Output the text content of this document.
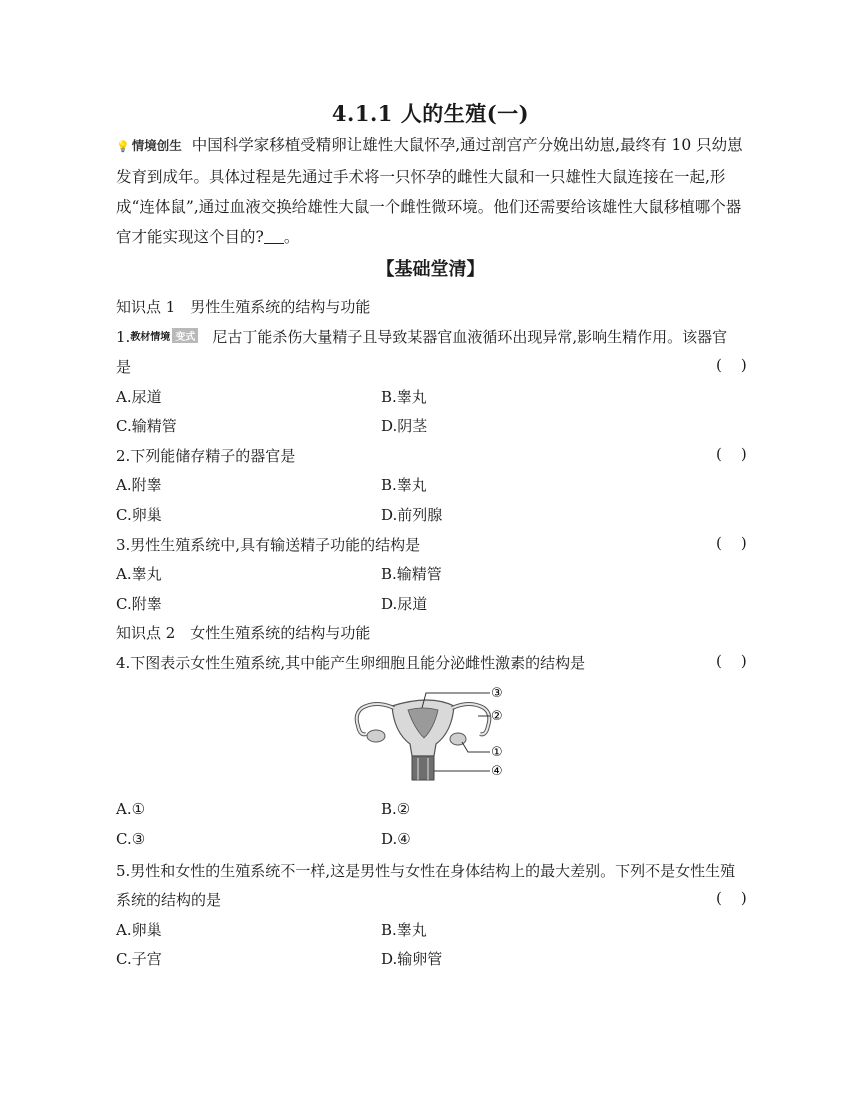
4.1.1 人的生殖(一)
💡 情境创生 中国科学家移植受精卵让雄性大鼠怀孕,通过剖宫产分娩出幼崽,最终有 10 只幼崽发育到成年。具体过程是先通过手术将一只怀孕的雌性大鼠和一只雄性大鼠连接在一起,形成“连体鼠”,通过血液交换给雄性大鼠一个雌性微环境。他们还需要给该雄性大鼠移植哪个器官才能实现这个目的? 。
【基础堂清】
知识点 1　男性生殖系统的结构与功能
1.教材情境 变式 尼古丁能杀伤大量精子且导致某器官血液循环出现异常,影响生精作用。该器官
是	(    )
A.尿道	B.睾丸
C.输精管	D.阴茎
2.下列能储存精子的器官是	(    )
A.附睾	B.睾丸
C.卵巢	D.前列腺
3.男性生殖系统中,具有输送精子功能的结构是	(    )
A.睾丸	B.输精管
C.附睾	D.尿道
知识点 2　女性生殖系统的结构与功能
4.下图表示女性生殖系统,其中能产生卵细胞且能分泌雌性激素的结构是	(    )
③
②
①
④
A.①	B.②
C.③	D.④
5.男性和女性的生殖系统不一样,这是男性与女性在身体结构上的最大差别。下列不是女性生殖
系统的结构的是	(    )
A.卵巢	B.睾丸
C.子宫	D.输卵管
